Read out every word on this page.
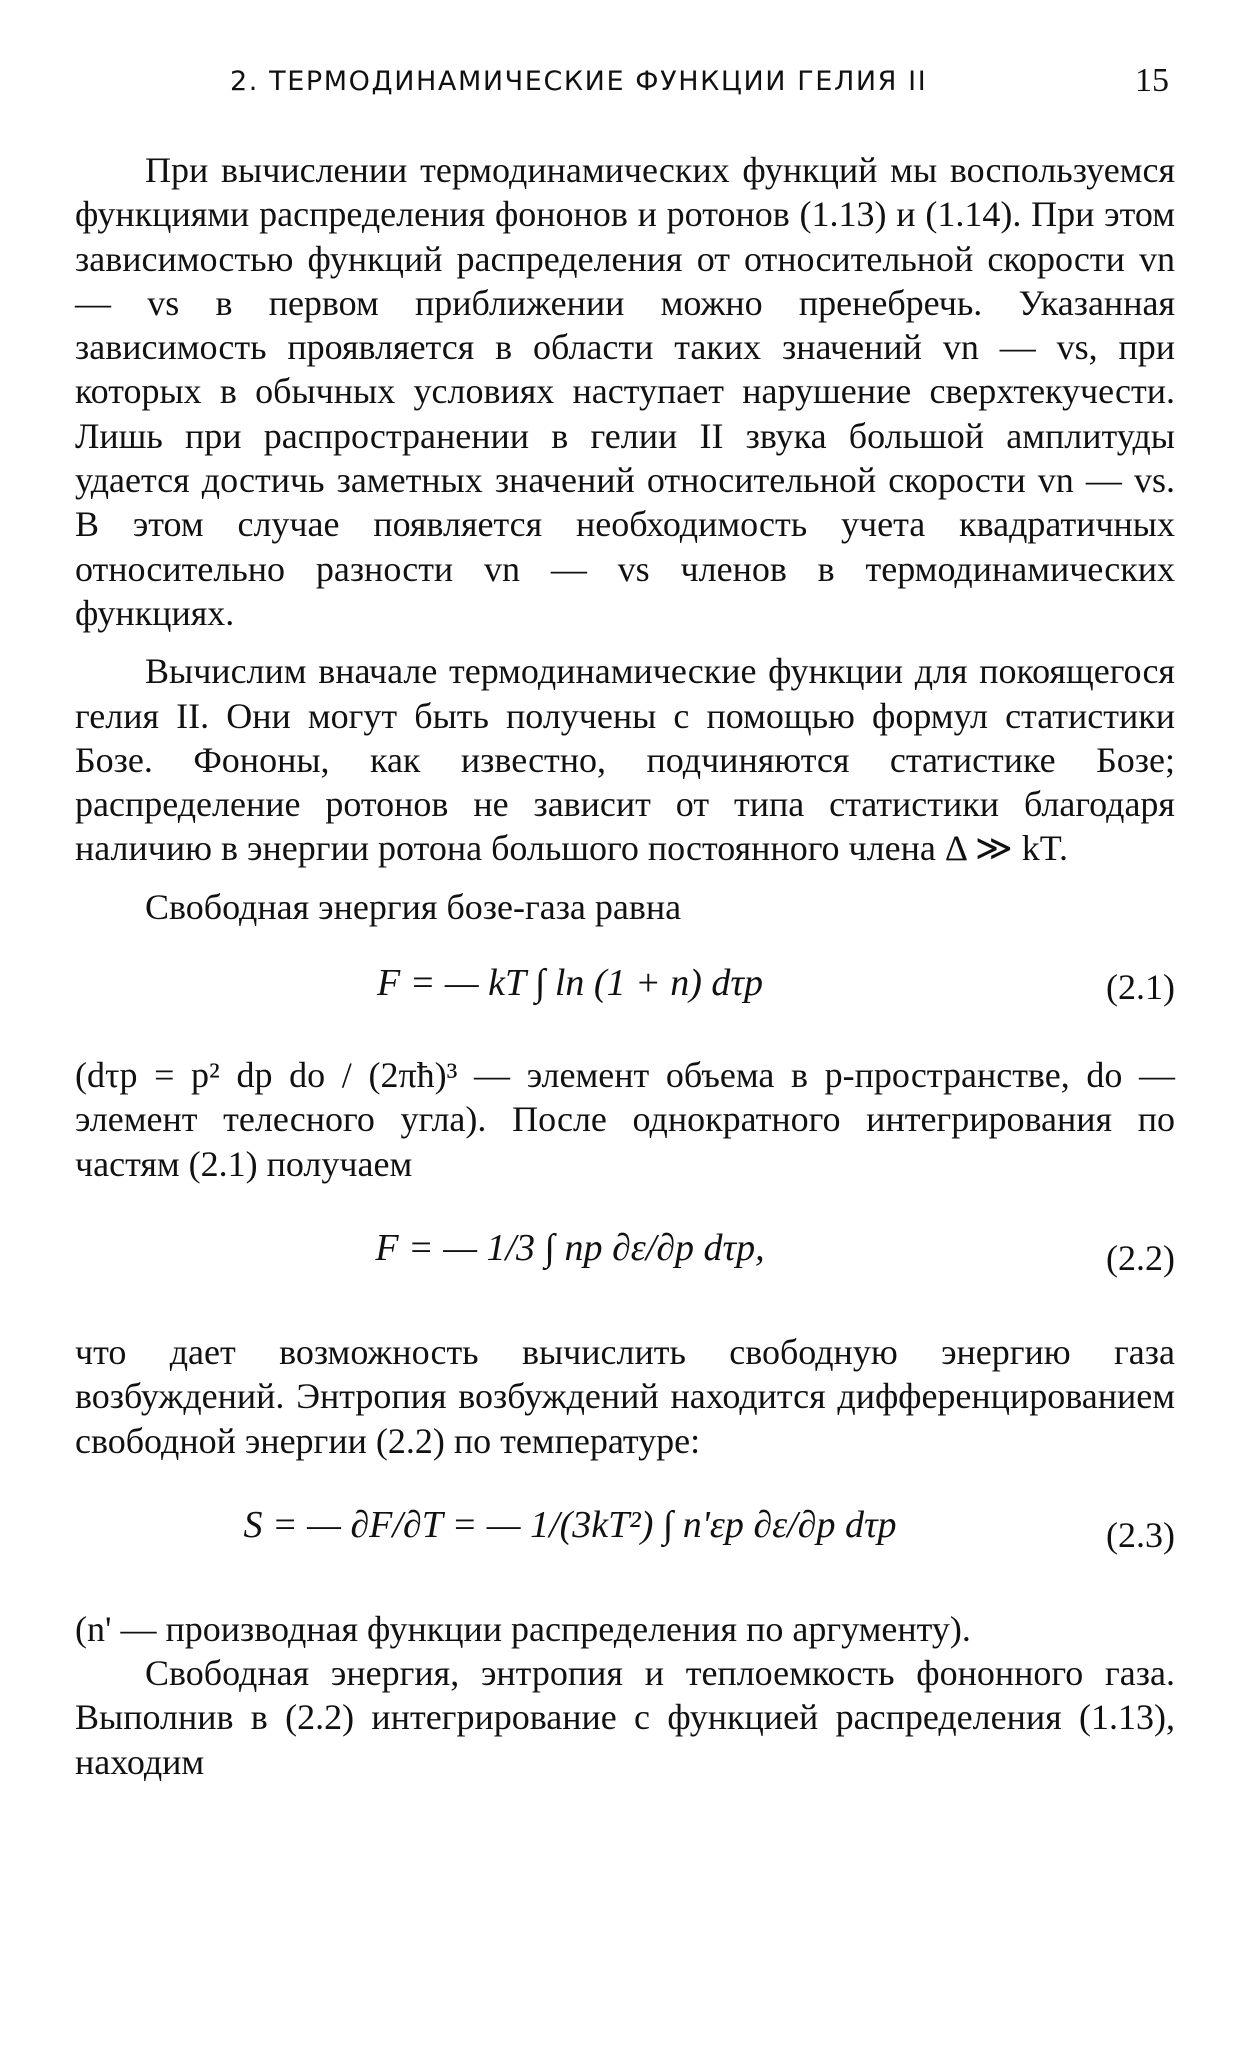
2. ТЕРМОДИНАМИЧЕСКИЕ ФУНКЦИИ ГЕЛИЯ II	15

При вычислении термодинамических функций мы воспользуемся функциями распределения фононов и ротонов (1.13) и (1.14). При этом зависимостью функций распределения от относительной скорости vn — vs в первом приближении можно пренебречь. Указанная зависимость проявляется в области таких значений vn — vs, при которых в обычных условиях наступает нарушение сверхтекучести. Лишь при распространении в гелии II звука большой амплитуды удается достичь заметных значений относительной скорости vn — vs. В этом случае появляется необходимость учета квадратичных относительно разности vn — vs членов в термодинамических функциях.

Вычислим вначале термодинамические функции для покоящегося гелия II. Они могут быть получены с помощью формул статистики Бозе. Фононы, как известно, подчиняются статистике Бозе; распределение ротонов не зависит от типа статистики благодаря наличию в энергии ротона большого постоянного члена Δ ≫ kT.

Свободная энергия бозе-газа равна

F = — kT ∫ ln (1 + n) dτp	(2.1)

(dτp = p² dp do / (2πħ)³ — элемент объема в p-пространстве, do — элемент телесного угла). После однократного интегрирования по частям (2.1) получаем

F = — 1/3 ∫ np ∂ε/∂p dτp,	(2.2)

что дает возможность вычислить свободную энергию газа возбуждений. Энтропия возбуждений находится дифференцированием свободной энергии (2.2) по температуре:

S = — ∂F/∂T = — 1/(3kT²) ∫ n'εp ∂ε/∂p dτp	(2.3)

(n' — производная функции распределения по аргументу).

Свободная энергия, энтропия и теплоемкость фононного газа. Выполнив в (2.2) интегрирование с функцией распределения (1.13), находим
